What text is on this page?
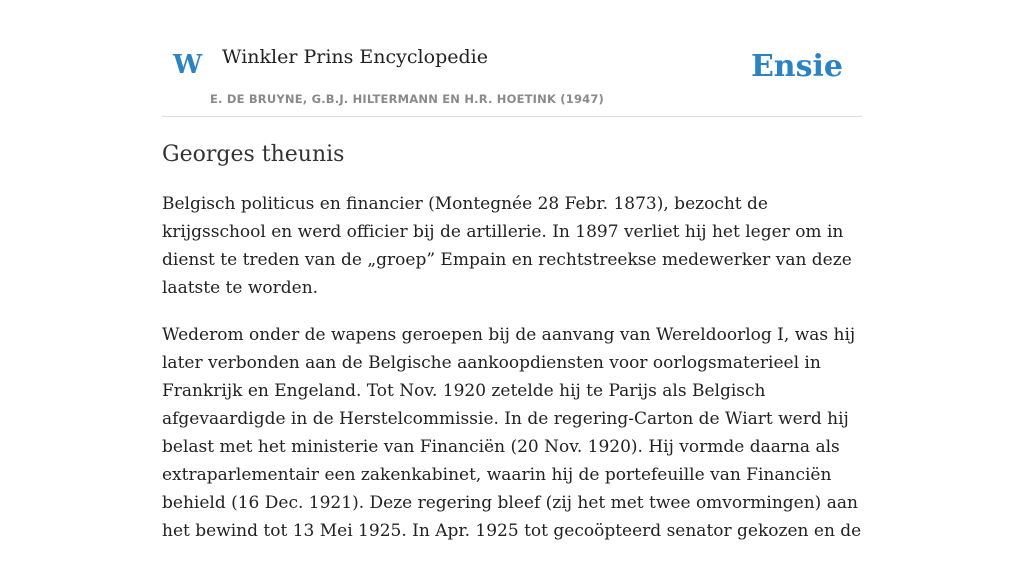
W Winkler Prins Encyclopedie
E. DE BRUYNE, G.B.J. HILTERMANN EN H.R. HOETINK (1947)
Ensie
Georges theunis

Belgisch politicus en financier (Montegnée 28 Febr. 1873), bezocht de krijgsschool en werd officier bij de artillerie. In 1897 verliet hij het leger om in dienst te treden van de „groep” Empain en rechtstreekse medewerker van deze laatste te worden.

Wederom onder de wapens geroepen bij de aanvang van Wereldoorlog I, was hij later verbonden aan de Belgische aankoopdiensten voor oorlogsmaterieel in Frankrijk en Engeland. Tot Nov. 1920 zetelde hij te Parijs als Belgisch afgevaardigde in de Herstelcommissie. In de regering-Carton de Wiart werd hij belast met het ministerie van Financiën (20 Nov. 1920). Hij vormde daarna als extraparlementair een zakenkabinet, waarin hij de portefeuille van Financiën behield (16 Dec. 1921). Deze regering bleef (zij het met twee omvormingen) aan het bewind tot 13 Mei 1925. In Apr. 1925 tot gecoöpteerd senator gekozen en de
